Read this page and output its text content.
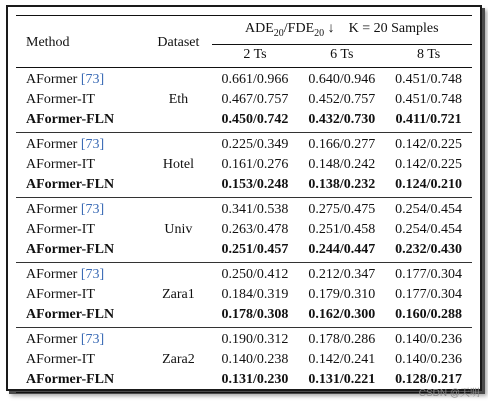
Method	Dataset	$ADE_{20}/FDE_{20}$ ↓ K = 20 Samples		
		2 Ts	6 Ts	8 Ts
AFormer [73]		0.661/0.966	0.640/0.946	0.451/0.748
AFormer-IT	Eth	0.467/0.757	0.452/0.757	0.451/0.748
AFormer-FLN		0.450/0.742	0.432/0.730	0.411/0.721
AFormer [73]		0.225/0.349	0.166/0.277	0.142/0.225
AFormer-IT	Hotel	0.161/0.276	0.148/0.242	0.142/0.225
AFormer-FLN		0.153/0.248	0.138/0.232	0.124/0.210
AFormer [73]		0.341/0.538	0.275/0.475	0.254/0.454
AFormer-IT	Univ	0.263/0.478	0.251/0.458	0.254/0.454
AFormer-FLN		0.251/0.457	0.244/0.447	0.232/0.430
AFormer [73]		0.250/0.412	0.212/0.347	0.177/0.304
AFormer-IT	Zara1	0.184/0.319	0.179/0.310	0.177/0.304
AFormer-FLN		0.178/0.308	0.162/0.300	0.160/0.288
AFormer [73]		0.190/0.312	0.178/0.286	0.140/0.236
AFormer-IT	Zara2	0.140/0.238	0.142/0.241	0.140/0.236
AFormer-FLN		0.131/0.230	0.131/0.221	0.128/0.217
CSDN @天明
